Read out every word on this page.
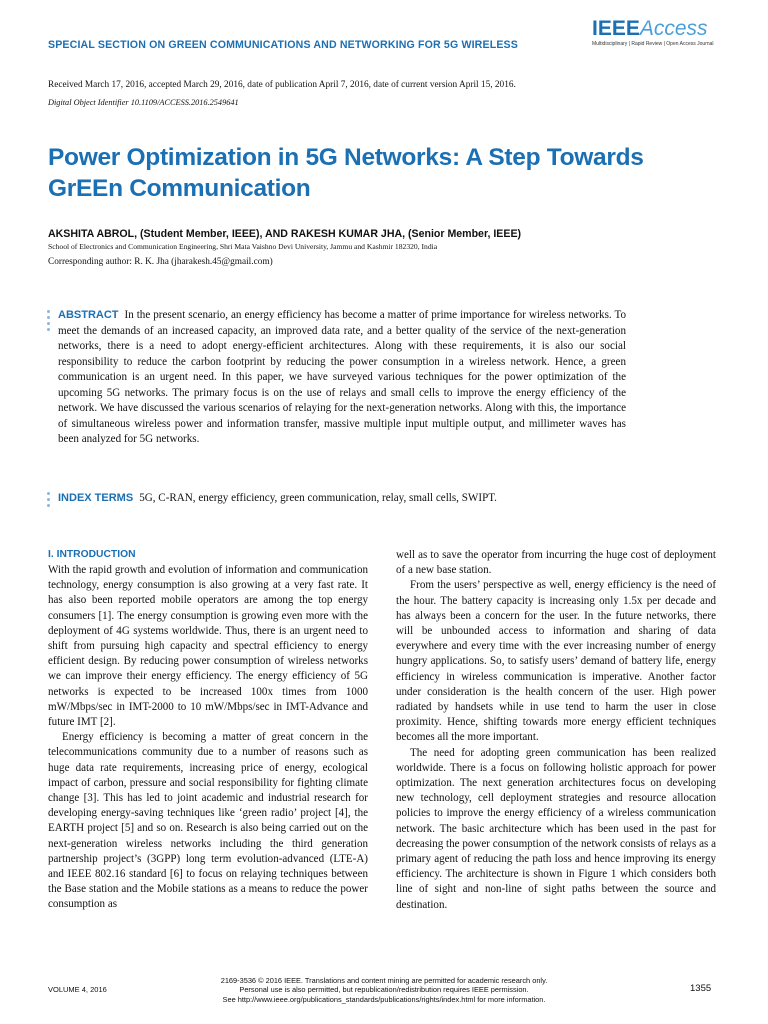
SPECIAL SECTION ON GREEN COMMUNICATIONS AND NETWORKING FOR 5G WIRELESS
IEEEAccess
Multidisciplinary | Rapid Review | Open Access Journal
Received March 17, 2016, accepted March 29, 2016, date of publication April 7, 2016, date of current version April 15, 2016.
Digital Object Identifier 10.1109/ACCESS.2016.2549641
Power Optimization in 5G Networks: A Step Towards GrEEn Communication
AKSHITA ABROL, (Student Member, IEEE), AND RAKESH KUMAR JHA, (Senior Member, IEEE)
School of Electronics and Communication Engineering, Shri Mata Vaishno Devi University, Jammu and Kashmir 182320, India
Corresponding author: R. K. Jha (jharakesh.45@gmail.com)
ABSTRACT In the present scenario, an energy efficiency has become a matter of prime importance for wireless networks. To meet the demands of an increased capacity, an improved data rate, and a better quality of the service of the next-generation networks, there is a need to adopt energy-efficient architectures. Along with these requirements, it is also our social responsibility to reduce the carbon footprint by reducing the power consumption in a wireless network. Hence, a green communication is an urgent need. In this paper, we have surveyed various techniques for the power optimization of the upcoming 5G networks. The primary focus is on the use of relays and small cells to improve the energy efficiency of the network. We have discussed the various scenarios of relaying for the next-generation networks. Along with this, the importance of simultaneous wireless power and information transfer, massive multiple input multiple output, and millimeter waves has been analyzed for 5G networks.
INDEX TERMS 5G, C-RAN, energy efficiency, green communication, relay, small cells, SWIPT.
I. INTRODUCTION

With the rapid growth and evolution of information and communication technology, energy consumption is also growing at a very fast rate. It has also been reported mobile operators are among the top energy consumers [1]. The energy consumption is growing even more with the deployment of 4G systems worldwide. Thus, there is an urgent need to shift from pursuing high capacity and spectral efficiency to energy efficient design. By reducing power consumption of wireless networks we can improve their energy efficiency. The energy efficiency of 5G networks is expected to be increased 100x times from 1000 mW/Mbps/sec in IMT-2000 to 10 mW/Mbps/sec in IMT-Advance and future IMT [2].

Energy efficiency is becoming a matter of great concern in the telecommunications community due to a number of reasons such as huge data rate requirements, increasing price of energy, ecological impact of carbon, pressure and social responsibility for fighting climate change [3]. This has led to joint academic and industrial research for developing energy-saving techniques like ‘green radio’ project [4], the EARTH project [5] and so on. Research is also being carried out on the next-generation wireless networks including the third generation partnership project’s (3GPP) long term evolution-advanced (LTE-A) and IEEE 802.16 standard [6] to focus on relaying techniques between the Base station and the Mobile stations as a means to reduce the power consumption as

well as to save the operator from incurring the huge cost of deployment of a new base station.

From the users’ perspective as well, energy efficiency is the need of the hour. The battery capacity is increasing only 1.5x per decade and has always been a concern for the user. In the future networks, there will be unbounded access to information and sharing of data everywhere and every time with the ever increasing number of energy hungry applications. So, to satisfy users’ demand of battery life, energy efficiency in wireless communication is imperative. Another factor under consideration is the health concern of the user. High power radiated by handsets while in use tend to harm the user in close proximity. Hence, shifting towards more energy efficient techniques becomes all the more important.

The need for adopting green communication has been realized worldwide. There is a focus on following holistic approach for power optimization. The next generation architectures focus on developing new technology, cell deployment strategies and resource allocation policies to improve the energy efficiency of a wireless communication network. The basic architecture which has been used in the past for decreasing the power consumption of the network consists of relays as a primary agent of reducing the path loss and hence improving its energy efficiency. The architecture is shown in Figure 1 which considers both line of sight and non-line of sight paths between the source and destination.

VOLUME 4, 2016
2169-3536 © 2016 IEEE. Translations and content mining are permitted for academic research only.
Personal use is also permitted, but republication/redistribution requires IEEE permission.
See http://www.ieee.org/publications_standards/publications/rights/index.html for more information.
1355
